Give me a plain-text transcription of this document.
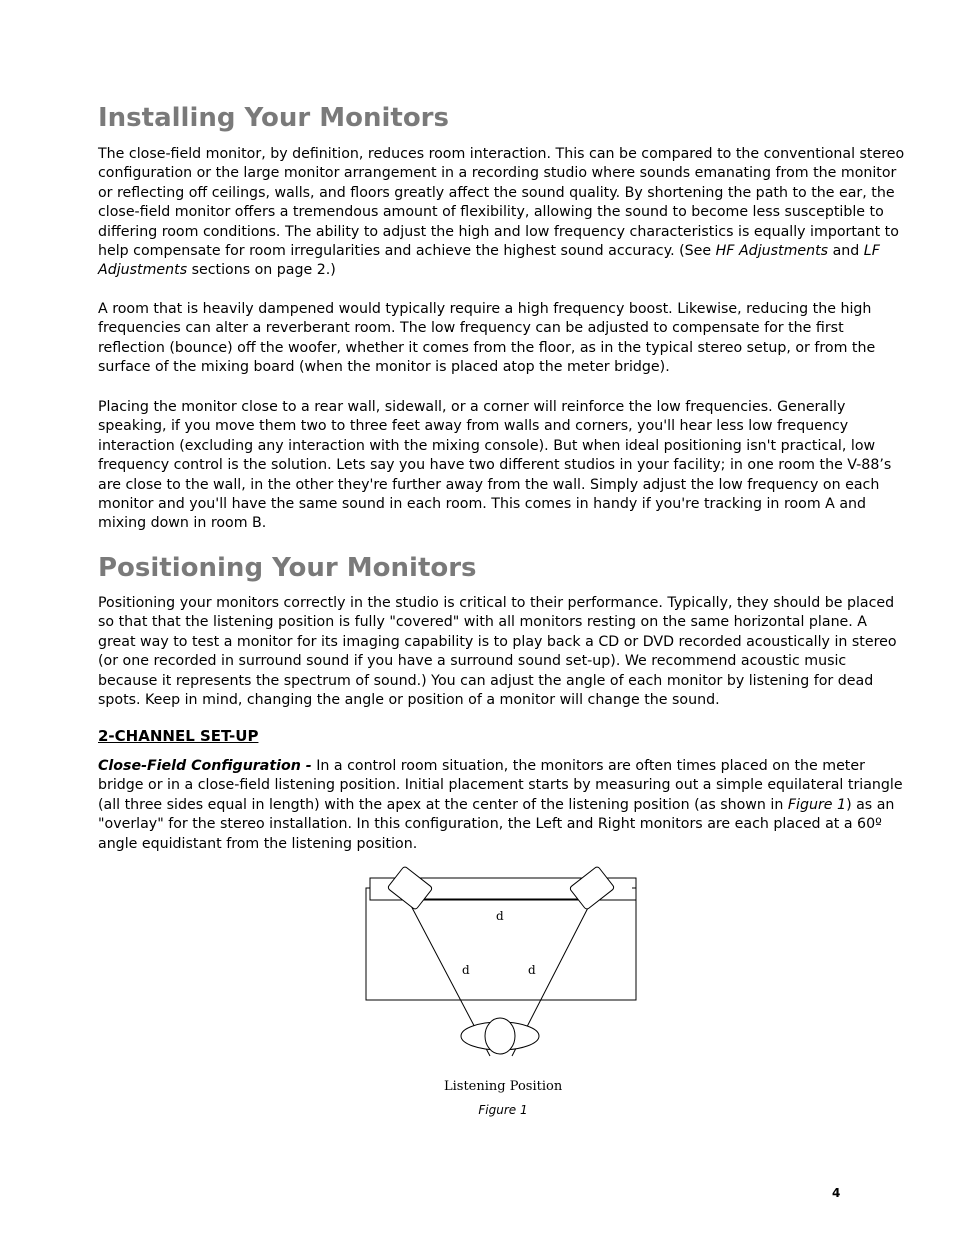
Installing Your Monitors

The close-field monitor, by definition, reduces room interaction. This can be compared to the conventional stereo configuration or the large monitor arrangement in a recording studio where sounds emanating from the monitor or reflecting off ceilings, walls, and floors greatly affect the sound quality. By shortening the path to the ear, the close-field monitor offers a tremendous amount of flexibility, allowing the sound to become less susceptible to differing room conditions. The ability to adjust the high and low frequency characteristics is equally important to help compensate for room irregularities and achieve the highest sound accuracy. (See HF Adjustments and LF Adjustments sections on page 2.)

A room that is heavily dampened would typically require a high frequency boost. Likewise, reducing the high frequencies can alter a reverberant room. The low frequency can be adjusted to compensate for the first reflection (bounce) off the woofer, whether it comes from the floor, as in the typical stereo setup, or from the surface of the mixing board (when the monitor is placed atop the meter bridge).

Placing the monitor close to a rear wall, sidewall, or a corner will reinforce the low frequencies. Generally speaking, if you move them two to three feet away from walls and corners, you'll hear less low frequency interaction (excluding any interaction with the mixing console). But when ideal positioning isn't practical, low frequency control is the solution. Lets say you have two different studios in your facility; in one room the V-88’s are close to the wall, in the other they're further away from the wall. Simply adjust the low frequency on each monitor and you'll have the same sound in each room. This comes in handy if you're tracking in room A and mixing down in room B.

Positioning Your Monitors

Positioning your monitors correctly in the studio is critical to their performance. Typically, they should be placed so that that the listening position is fully "covered" with all monitors resting on the same horizontal plane. A great way to test a monitor for its imaging capability is to play back a CD or DVD recorded acoustically in stereo (or one recorded in surround sound if you have a surround sound set-up). We recommend acoustic music because it represents the spectrum of sound.) You can adjust the angle of each monitor by listening for dead spots. Keep in mind, changing the angle or position of a monitor will change the sound.

2-CHANNEL SET-UP

Close-Field Configuration - In a control room situation, the monitors are often times placed on the meter bridge or in a close-field listening position. Initial placement starts by measuring out a simple equilateral triangle (all three sides equal in length) with the apex at the center of the listening position (as shown in Figure 1) as an "overlay" for the stereo installation. In this configuration, the Left and Right monitors are each placed at a 60º angle equidistant from the listening position.

d
d	d
Listening Position
Figure 1
4
